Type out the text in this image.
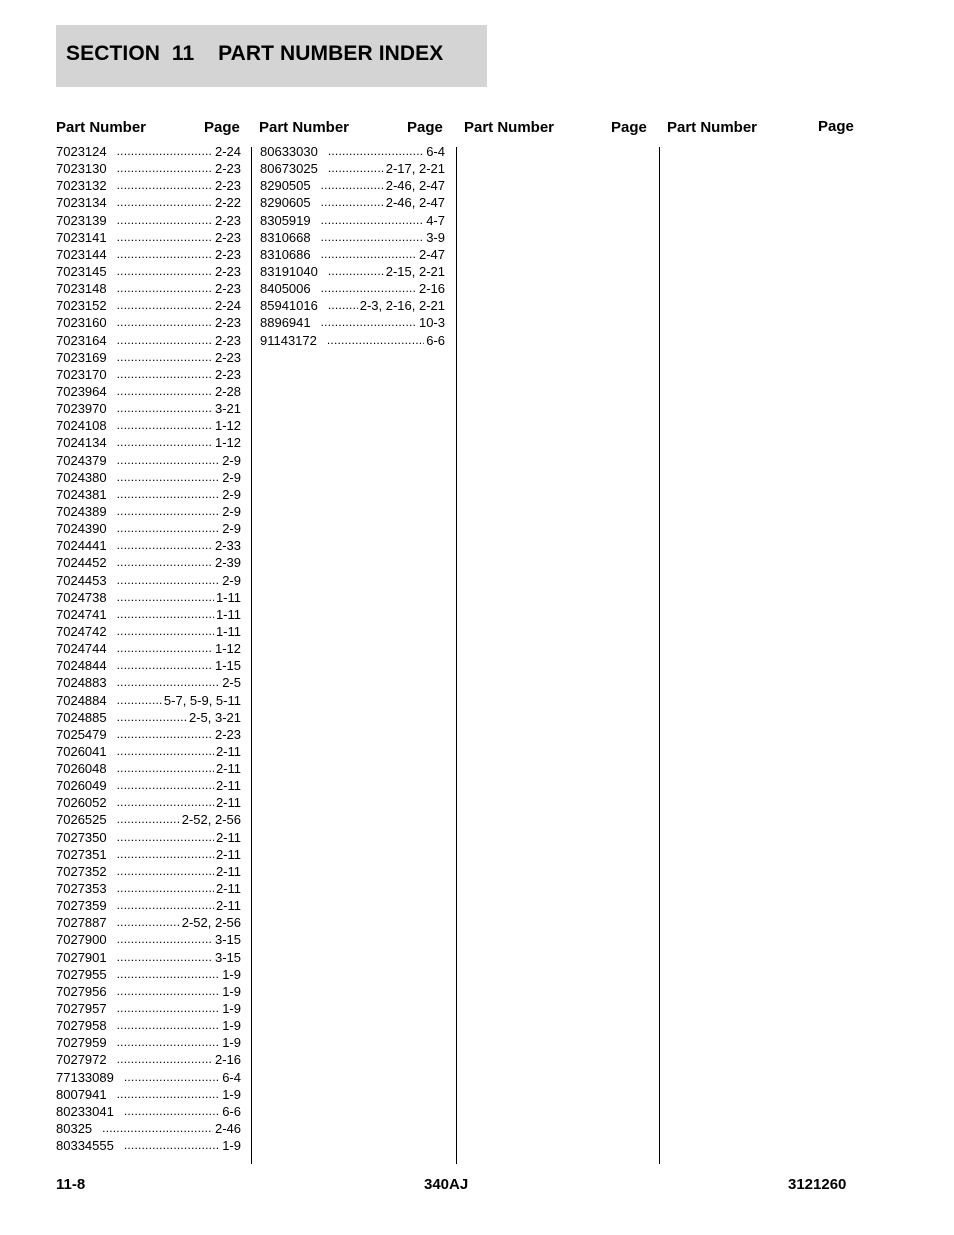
SECTION  11 PART NUMBER INDEX
Part Number	Page Part Number	Page Part Number	Page Part Number	Page
7023124 .....	2-24
7023130 .....	2-23
7023132 .....	2-23
7023134 .....	2-22
7023139 .....	2-23
7023141 .....	2-23
7023144 .....	2-23
7023145 .....	2-23
7023148 .....	2-23
7023152 .....	2-24
7023160 .....	2-23
7023164 .....	2-23
7023169 .....	2-23
7023170 .....	2-23
7023964 .....	2-28
7023970 .....	3-21
7024108 .....	1-12
7024134 .....	1-12
7024379 .....	2-9
7024380 .....	2-9
7024381 .....	2-9
7024389 .....	2-9
7024390 .....	2-9
7024441 .....	2-33
7024452 .....	2-39
7024453 .....	2-9
7024738 .....	1-11
7024741 .....	1-11
7024742 .....	1-11
7024744 .....	1-12
7024844 .....	1-15
7024883 .....	2-5
7024884 .....	5-7, 5-9, 5-11
7024885 .....	2-5, 3-21
7025479 .....	2-23
7026041 .....	2-11
7026048 .....	2-11
7026049 .....	2-11
7026052 .....	2-11
7026525 .....	2-52, 2-56
7027350 .....	2-11
7027351 .....	2-11
7027352 .....	2-11
7027353 .....	2-11
7027359 .....	2-11
7027887 .....	2-52, 2-56
7027900 .....	3-15
7027901 .....	3-15
7027955 .....	1-9
7027956 .....	1-9
7027957 .....	1-9
7027958 .....	1-9
7027959 .....	1-9
7027972 .....	2-16
77133089 .....	6-4
8007941 .....	1-9
80233041 .....	6-6
80325 .....	2-46
80334555 .....	1-9
80633030 .....	6-4
80673025 .....	2-17, 2-21
8290505 .....	2-46, 2-47
8290605 .....	2-46, 2-47
8305919 .....	4-7
8310668 .....	3-9
8310686 .....	2-47
83191040 .....	2-15, 2-21
8405006 .....	2-16
85941016 .....	2-3, 2-16, 2-21
8896941 .....	10-3
91143172 .....	6-6
11-8	340AJ	3121260
